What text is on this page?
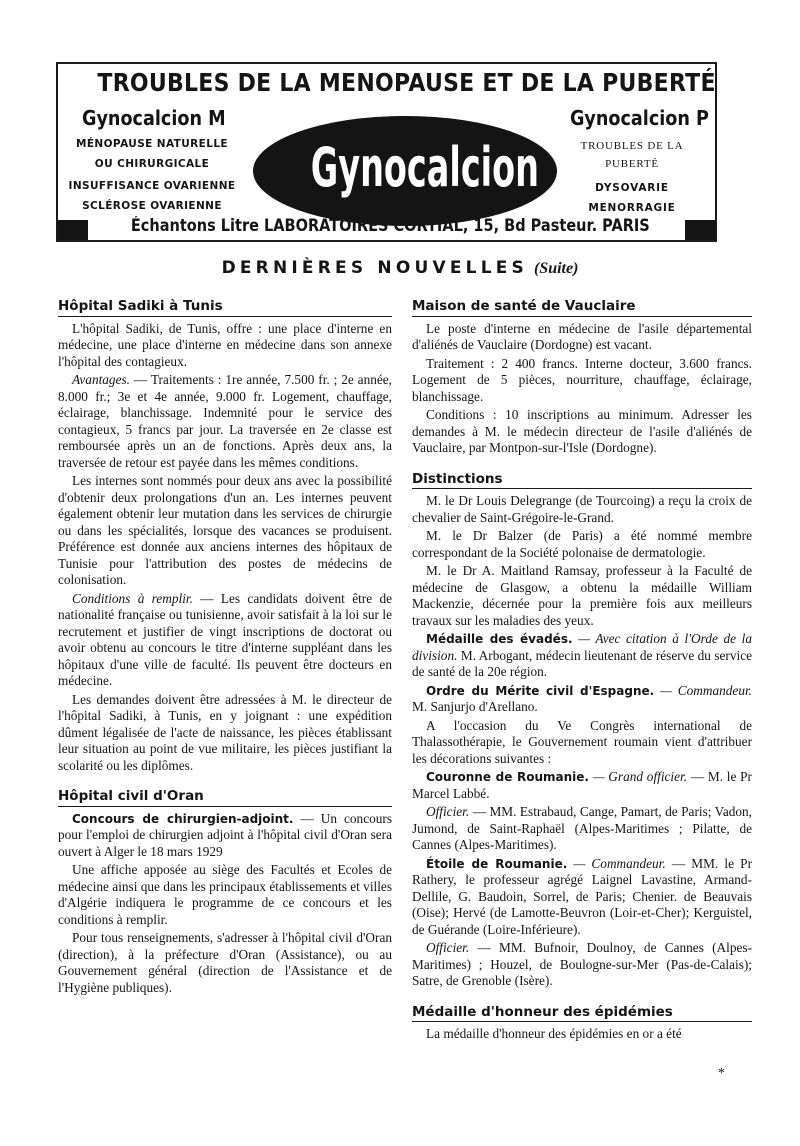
TROUBLES DE LA MENOPAUSE ET DE LA PUBERTÉ
Gynocalcion M
MÉNOPAUSE NATURELLE
OU CHIRURGICALE
INSUFFISANCE OVARIENNE
SCLÉROSE OVARIENNE
Gynocalcion
Gynocalcion P
TROUBLES DE LA
PUBERTÉ
DYSOVARIE
MENORRAGIE
Échantons Litre LABORATOIRES CORTIAL, 15, Bd Pasteur. PARIS
DERNIÈRES NOUVELLES (Suite)
Hôpital Sadiki à Tunis

L'hôpital Sadiki, de Tunis, offre : une place d'interne en médecine, une place d'interne en médecine dans son annexe l'hôpital des contagieux.

Avantages. — Traitements : 1re année, 7.500 fr. ; 2e année, 8.000 fr.; 3e et 4e année, 9.000 fr. Logement, chauffage, éclairage, blanchissage. Indemnité pour le service des contagieux, 5 francs par jour. La traversée en 2e classe est remboursée après un an de fonctions. Après deux ans, la traversée de retour est payée dans les mêmes conditions.

Les internes sont nommés pour deux ans avec la possibilité d'obtenir deux prolongations d'un an. Les internes peuvent également obtenir leur mutation dans les services de chirurgie ou dans les spécialités, lorsque des vacances se produisent. Préférence est donnée aux anciens internes des hôpitaux de Tunisie pour l'attribution des postes de médecins de colonisation.

Conditions à remplir. — Les candidats doivent être de nationalité française ou tunisienne, avoir satisfait à la loi sur le recrutement et justifier de vingt inscriptions de doctorat ou avoir obtenu au concours le titre d'interne suppléant dans les hôpitaux d'une ville de faculté. Ils peuvent être docteurs en médecine.

Les demandes doivent être adressées à M. le directeur de l'hôpital Sadiki, à Tunis, en y joignant : une expédition dûment légalisée de l'acte de naissance, les pièces établissant leur situation au point de vue militaire, les pièces justifiant la scolarité ou les diplômes.

Hôpital civil d'Oran

Concours de chirurgien-adjoint. — Un concours pour l'emploi de chirurgien adjoint à l'hôpital civil d'Oran sera ouvert à Alger le 18 mars 1929

Une affiche apposée au siège des Facultés et Ecoles de médecine ainsi que dans les principaux établissements et villes d'Algérie indiquera le programme de ce concours et les conditions à remplir.

Pour tous renseignements, s'adresser à l'hôpital civil d'Oran (direction), à la préfecture d'Oran (Assistance), ou au Gouvernement général (direction de l'Assistance et de l'Hygiène publiques).

Maison de santé de Vauclaire

Le poste d'interne en médecine de l'asile départemental d'aliénés de Vauclaire (Dordogne) est vacant.

Traitement : 2 400 francs. Interne docteur, 3.600 francs. Logement de 5 pièces, nourriture, chauffage, éclairage, blanchissage.

Conditions : 10 inscriptions au minimum. Adresser les demandes à M. le médecin directeur de l'asile d'aliénés de Vauclaire, par Montpon-sur-l'Isle (Dordogne).

Distinctions

M. le Dr Louis Delegrange (de Tourcoing) a reçu la croix de chevalier de Saint-Grégoire-le-Grand.

M. le Dr Balzer (de Paris) a été nommé membre correspondant de la Société polonaise de dermatologie.

M. le Dr A. Maitland Ramsay, professeur à la Faculté de médecine de Glasgow, a obtenu la médaille William Mackenzie, décernée pour la première fois aux meilleurs travaux sur les maladies des yeux.

Médaille des évadés. — Avec citation à l'Orde de la division. M. Arbogant, médecin lieutenant de réserve du service de santé de la 20e région.

Ordre du Mérite civil d'Espagne. — Commandeur. M. Sanjurjo d'Arellano.

A l'occasion du Ve Congrès international de Thalassothérapie, le Gouvernement roumain vient d'attribuer les décorations suivantes :

Couronne de Roumanie. — Grand officier. — M. le Pr Marcel Labbé.

Officier. — MM. Estrabaud, Cange, Pamart, de Paris; Vadon, Jumond, de Saint-Raphaël (Alpes-Maritimes ; Pilatte, de Cannes (Alpes-Maritimes).

Étoile de Roumanie. — Commandeur. — MM. le Pr Rathery, le professeur agrégé Laignel Lavastine, Armand-Dellile, G. Baudoin, Sorrel, de Paris; Chenier. de Beauvais (Oise); Hervé (de Lamotte-Beuvron (Loir-et-Cher); Kerguistel, de Guérande (Loire-Inférieure).

Officier. — MM. Bufnoir, Doulnoy, de Cannes (Alpes-Maritimes) ; Houzel, de Boulogne-sur-Mer (Pas-de-Calais); Satre, de Grenoble (Isère).

Médaille d'honneur des épidémies

La médaille d'honneur des épidémies en or a été

*
